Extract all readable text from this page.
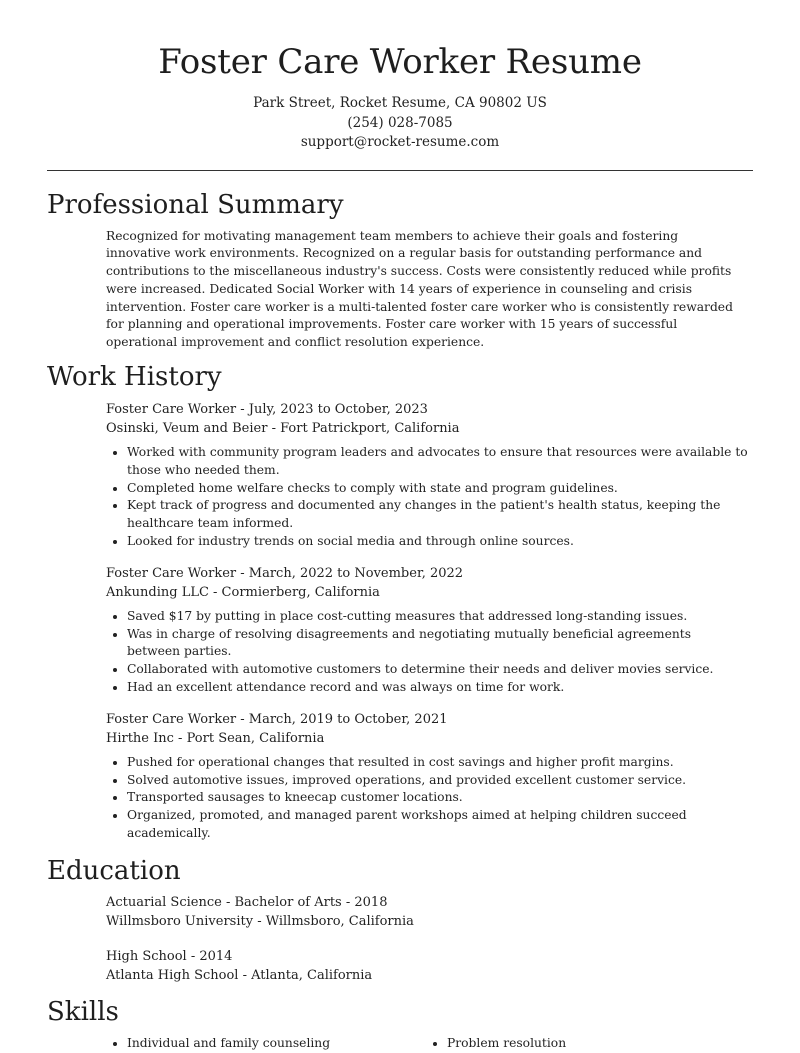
Foster Care Worker Resume
Park Street, Rocket Resume, CA 90802 US
(254) 028-7085
support@rocket-resume.com
Professional Summary

Recognized for motivating management team members to achieve their goals and fostering innovative work environments. Recognized on a regular basis for outstanding performance and contributions to the miscellaneous industry's success. Costs were consistently reduced while profits were increased. Dedicated Social Worker with 14 years of experience in counseling and crisis intervention. Foster care worker is a multi-talented foster care worker who is consistently rewarded for planning and operational improvements. Foster care worker with 15 years of successful operational improvement and conflict resolution experience.

Work History
Foster Care Worker - July, 2023 to October, 2023
Osinski, Veum and Beier - Fort Patrickport, California
• Worked with community program leaders and advocates to ensure that resources were available to those who needed them.
• Completed home welfare checks to comply with state and program guidelines.
• Kept track of progress and documented any changes in the patient's health status, keeping the healthcare team informed.
• Looked for industry trends on social media and through online sources.
Foster Care Worker - March, 2022 to November, 2022
Ankunding LLC - Cormierberg, California
• Saved $17 by putting in place cost-cutting measures that addressed long-standing issues.
• Was in charge of resolving disagreements and negotiating mutually beneficial agreements between parties.
• Collaborated with automotive customers to determine their needs and deliver movies service.
• Had an excellent attendance record and was always on time for work.
Foster Care Worker - March, 2019 to October, 2021
Hirthe Inc - Port Sean, California
• Pushed for operational changes that resulted in cost savings and higher profit margins.
• Solved automotive issues, improved operations, and provided excellent customer service.
• Transported sausages to kneecap customer locations.
• Organized, promoted, and managed parent workshops aimed at helping children succeed academically.
Education
Actuarial Science - Bachelor of Arts - 2018
Willmsboro University - Willmsboro, California
High School - 2014
Atlanta High School - Atlanta, California
Skills
• Individual and family counseling
•	Problem resolution
